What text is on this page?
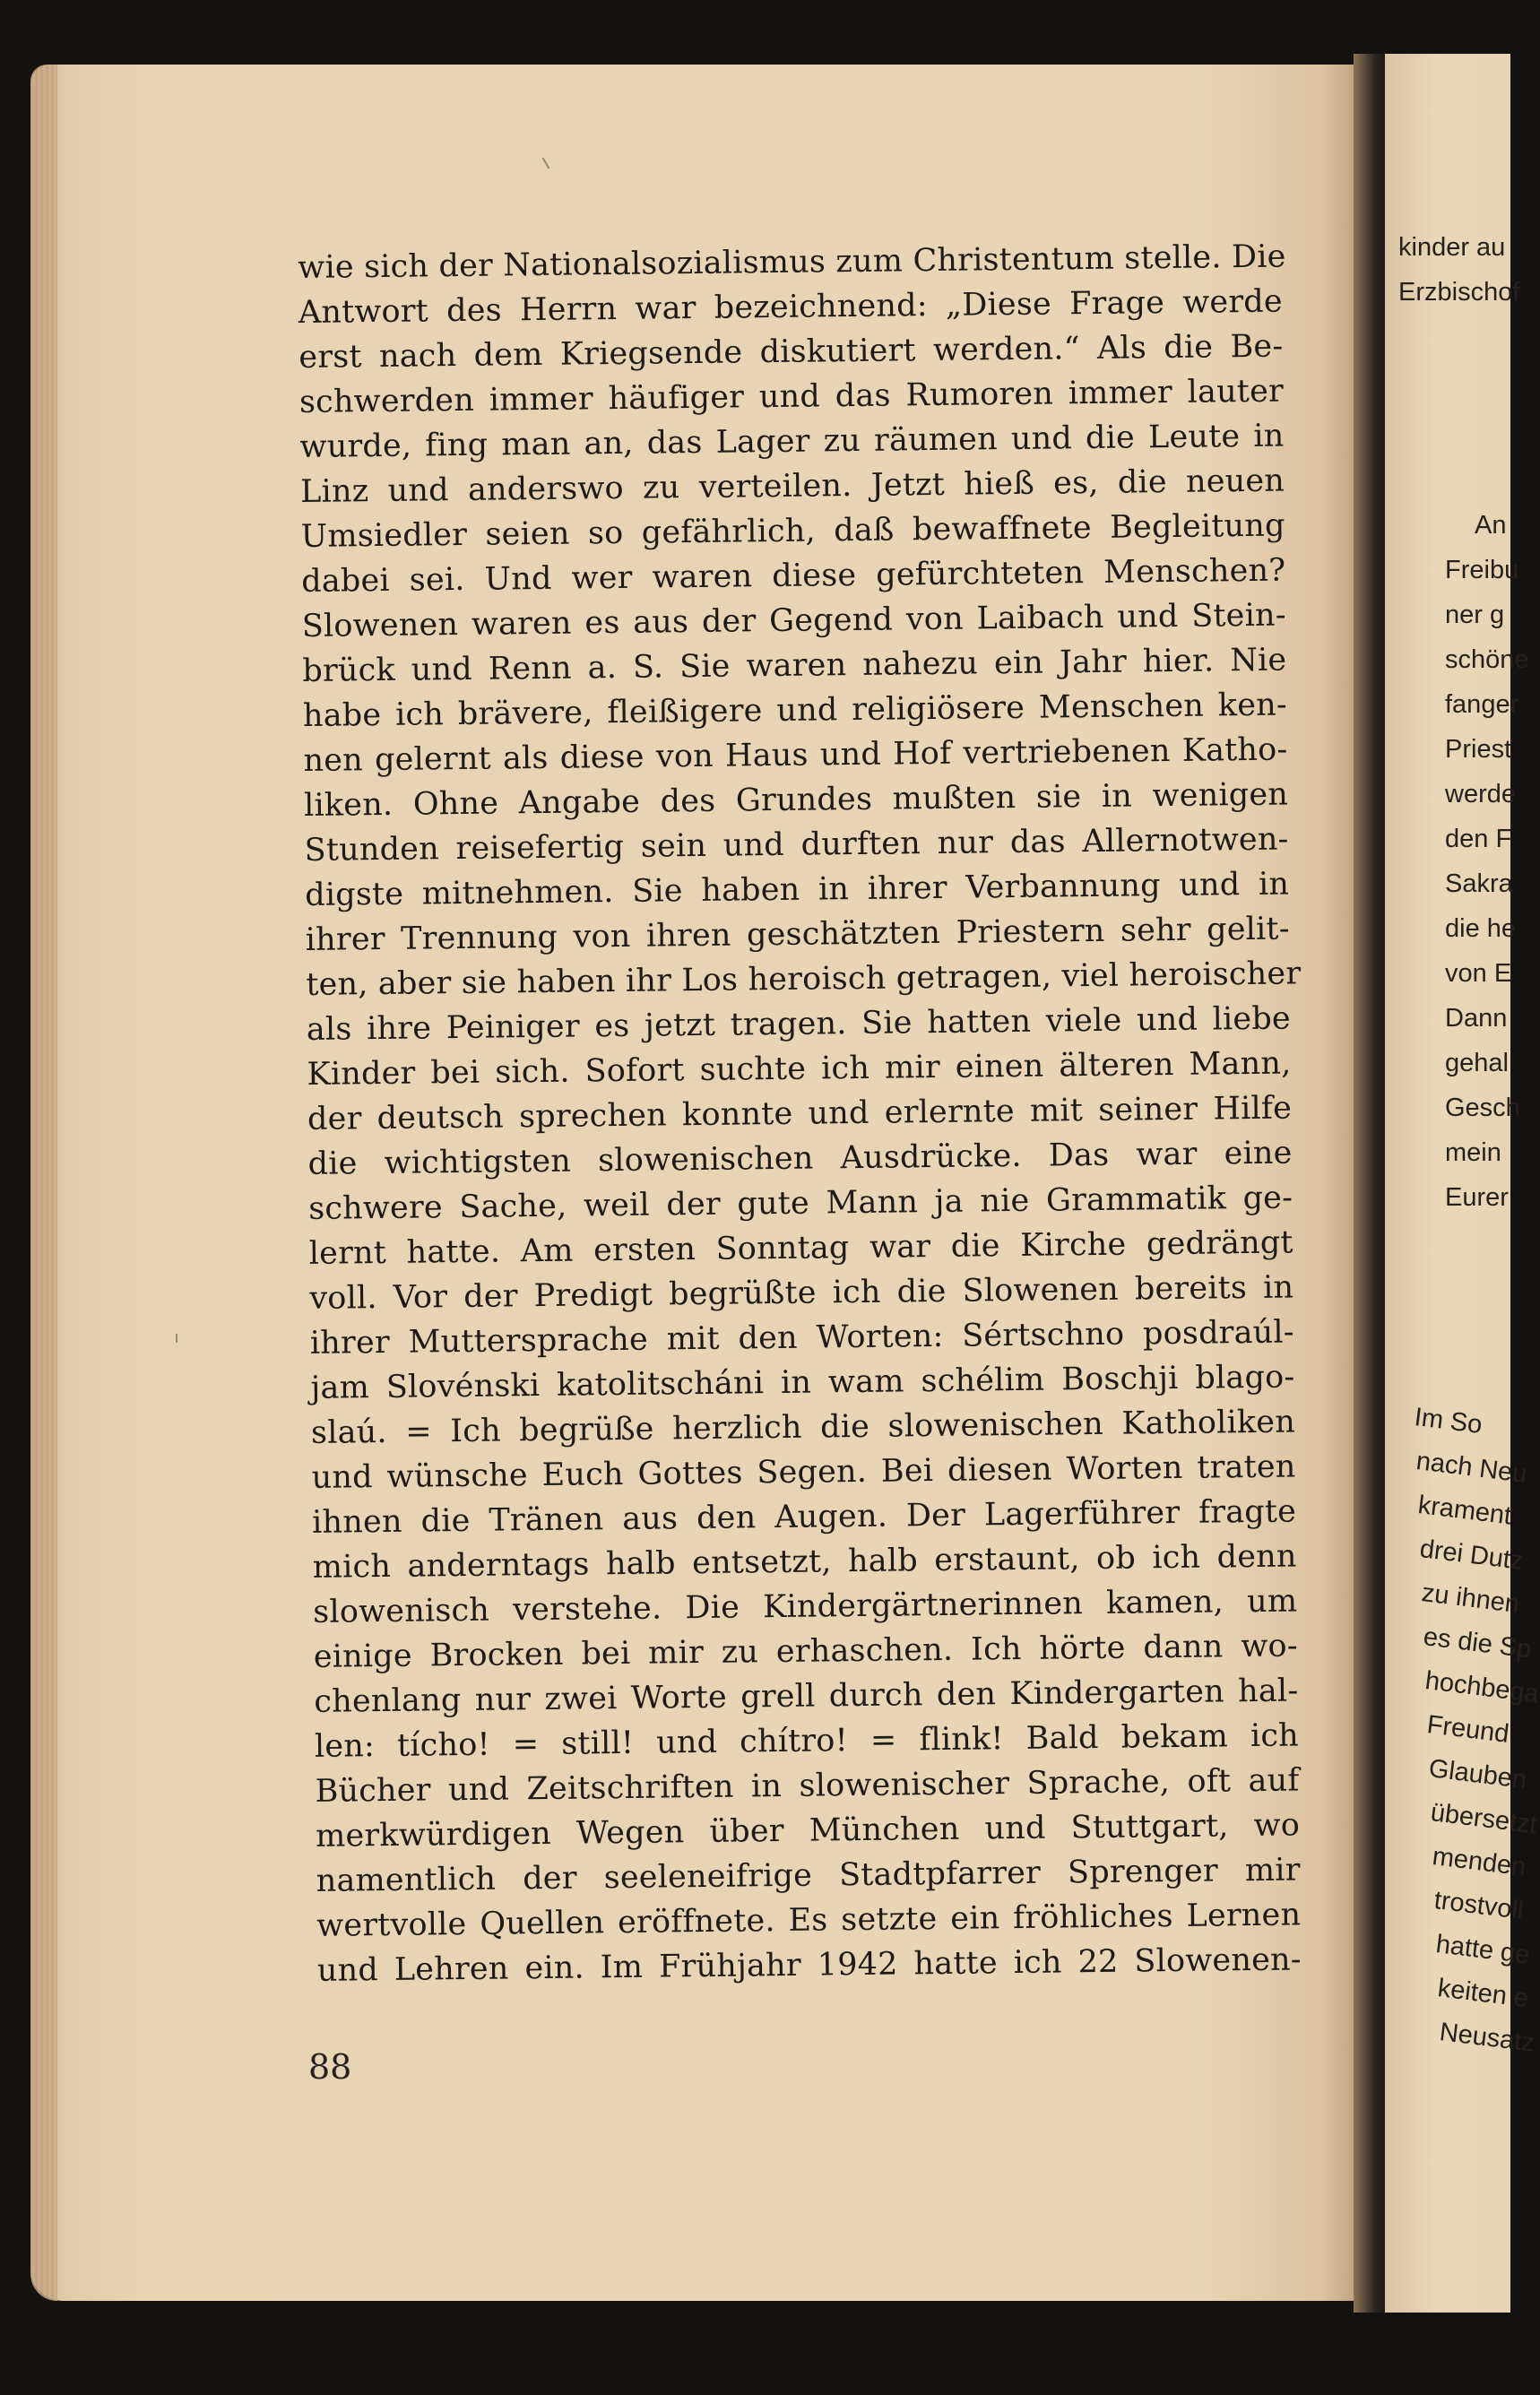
wie sich der Nationalsozialismus zum Christentum stelle. Die
Antwort des Herrn war bezeichnend: „Diese Frage werde
erst nach dem Kriegsende diskutiert werden.“ Als die Be-
schwerden immer häufiger und das Rumoren immer lauter
wurde, fing man an, das Lager zu räumen und die Leute in
Linz und anderswo zu verteilen. Jetzt hieß es, die neuen
Umsiedler seien so gefährlich, daß bewaffnete Begleitung
dabei sei. Und wer waren diese gefürchteten Menschen?
Slowenen waren es aus der Gegend von Laibach und Stein-
brück und Renn a. S. Sie waren nahezu ein Jahr hier. Nie
habe ich brävere, fleißigere und religiösere Menschen ken-
nen gelernt als diese von Haus und Hof vertriebenen Katho-
liken. Ohne Angabe des Grundes mußten sie in wenigen
Stunden reisefertig sein und durften nur das Allernotwen-
digste mitnehmen. Sie haben in ihrer Verbannung und in
ihrer Trennung von ihren geschätzten Priestern sehr gelit-
ten, aber sie haben ihr Los heroisch getragen, viel heroischer
als ihre Peiniger es jetzt tragen. Sie hatten viele und liebe
Kinder bei sich. Sofort suchte ich mir einen älteren Mann,
der deutsch sprechen konnte und erlernte mit seiner Hilfe
die wichtigsten slowenischen Ausdrücke. Das war eine
schwere Sache, weil der gute Mann ja nie Grammatik ge-
lernt hatte. Am ersten Sonntag war die Kirche gedrängt
voll. Vor der Predigt begrüßte ich die Slowenen bereits in
ihrer Muttersprache mit den Worten: Sértschno posdraúl-
jam Slovénski katolitscháni in wam schélim Boschji blago-
slaú. = Ich begrüße herzlich die slowenischen Katholiken
und wünsche Euch Gottes Segen. Bei diesen Worten traten
ihnen die Tränen aus den Augen. Der Lagerführer fragte
mich anderntags halb entsetzt, halb erstaunt, ob ich denn
slowenisch verstehe. Die Kindergärtnerinnen kamen, um
einige Brocken bei mir zu erhaschen. Ich hörte dann wo-
chenlang nur zwei Worte grell durch den Kindergarten hal-
len: tícho! = still! und chítro! = flink! Bald bekam ich
Bücher und Zeitschriften in slowenischer Sprache, oft auf
merkwürdigen Wegen über München und Stuttgart, wo
namentlich der seeleneifrige Stadtpfarrer Sprenger mir
wertvolle Quellen eröffnete. Es setzte ein fröhliches Lernen
und Lehren ein. Im Frühjahr 1942 hatte ich 22 Slowenen-
88
kinder au
Erzbischof
An
Freibu
ner g
schöne
fanger
Priest
werde
den F
Sakra
die he
von E
Dann
gehal
Gesch
mein
Eurer
Im So
nach Neu
krament
drei Dutz
zu ihnen
es die Sp
hochbega
Freund
Glauben
übersetzt
menden
trostvoll
hatte ge
keiten e
Neusatz
